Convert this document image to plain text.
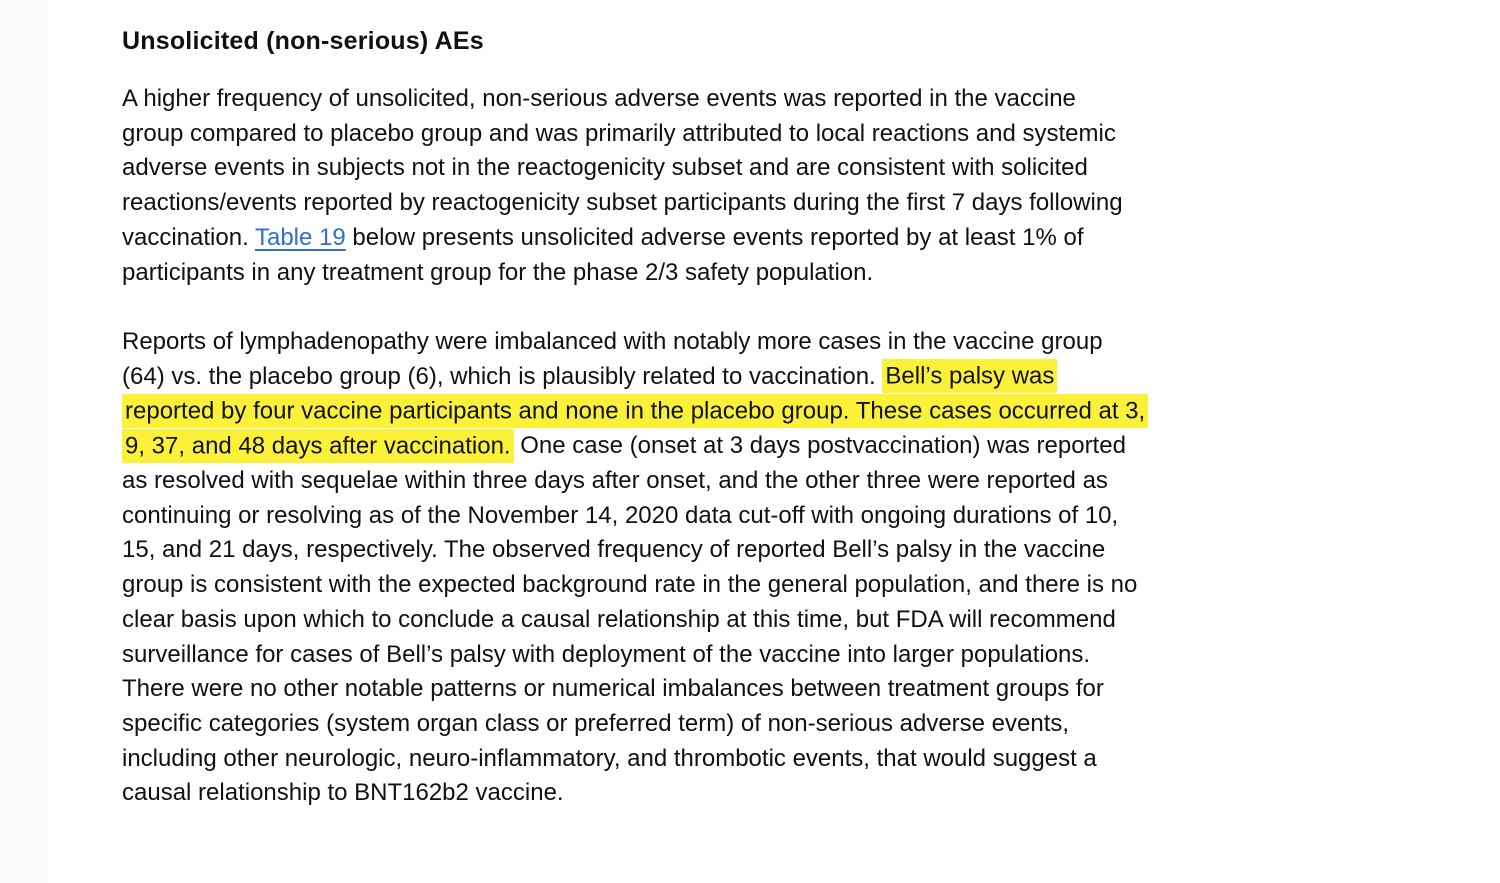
Unsolicited (non-serious) AEs

A higher frequency of unsolicited, non-serious adverse events was reported in the vaccine
group compared to placebo group and was primarily attributed to local reactions and systemic
adverse events in subjects not in the reactogenicity subset and are consistent with solicited
reactions/events reported by reactogenicity subset participants during the first 7 days following
vaccination. Table 19 below presents unsolicited adverse events reported by at least 1% of
participants in any treatment group for the phase 2/3 safety population.

Reports of lymphadenopathy were imbalanced with notably more cases in the vaccine group
(64) vs. the placebo group (6), which is plausibly related to vaccination. Bell’s palsy was
reported by four vaccine participants and none in the placebo group. These cases occurred at 3,
9, 37, and 48 days after vaccination. One case (onset at 3 days postvaccination) was reported
as resolved with sequelae within three days after onset, and the other three were reported as
continuing or resolving as of the November 14, 2020 data cut-off with ongoing durations of 10,
15, and 21 days, respectively. The observed frequency of reported Bell’s palsy in the vaccine
group is consistent with the expected background rate in the general population, and there is no
clear basis upon which to conclude a causal relationship at this time, but FDA will recommend
surveillance for cases of Bell’s palsy with deployment of the vaccine into larger populations.
There were no other notable patterns or numerical imbalances between treatment groups for
specific categories (system organ class or preferred term) of non-serious adverse events,
including other neurologic, neuro-inflammatory, and thrombotic events, that would suggest a
causal relationship to BNT162b2 vaccine.
